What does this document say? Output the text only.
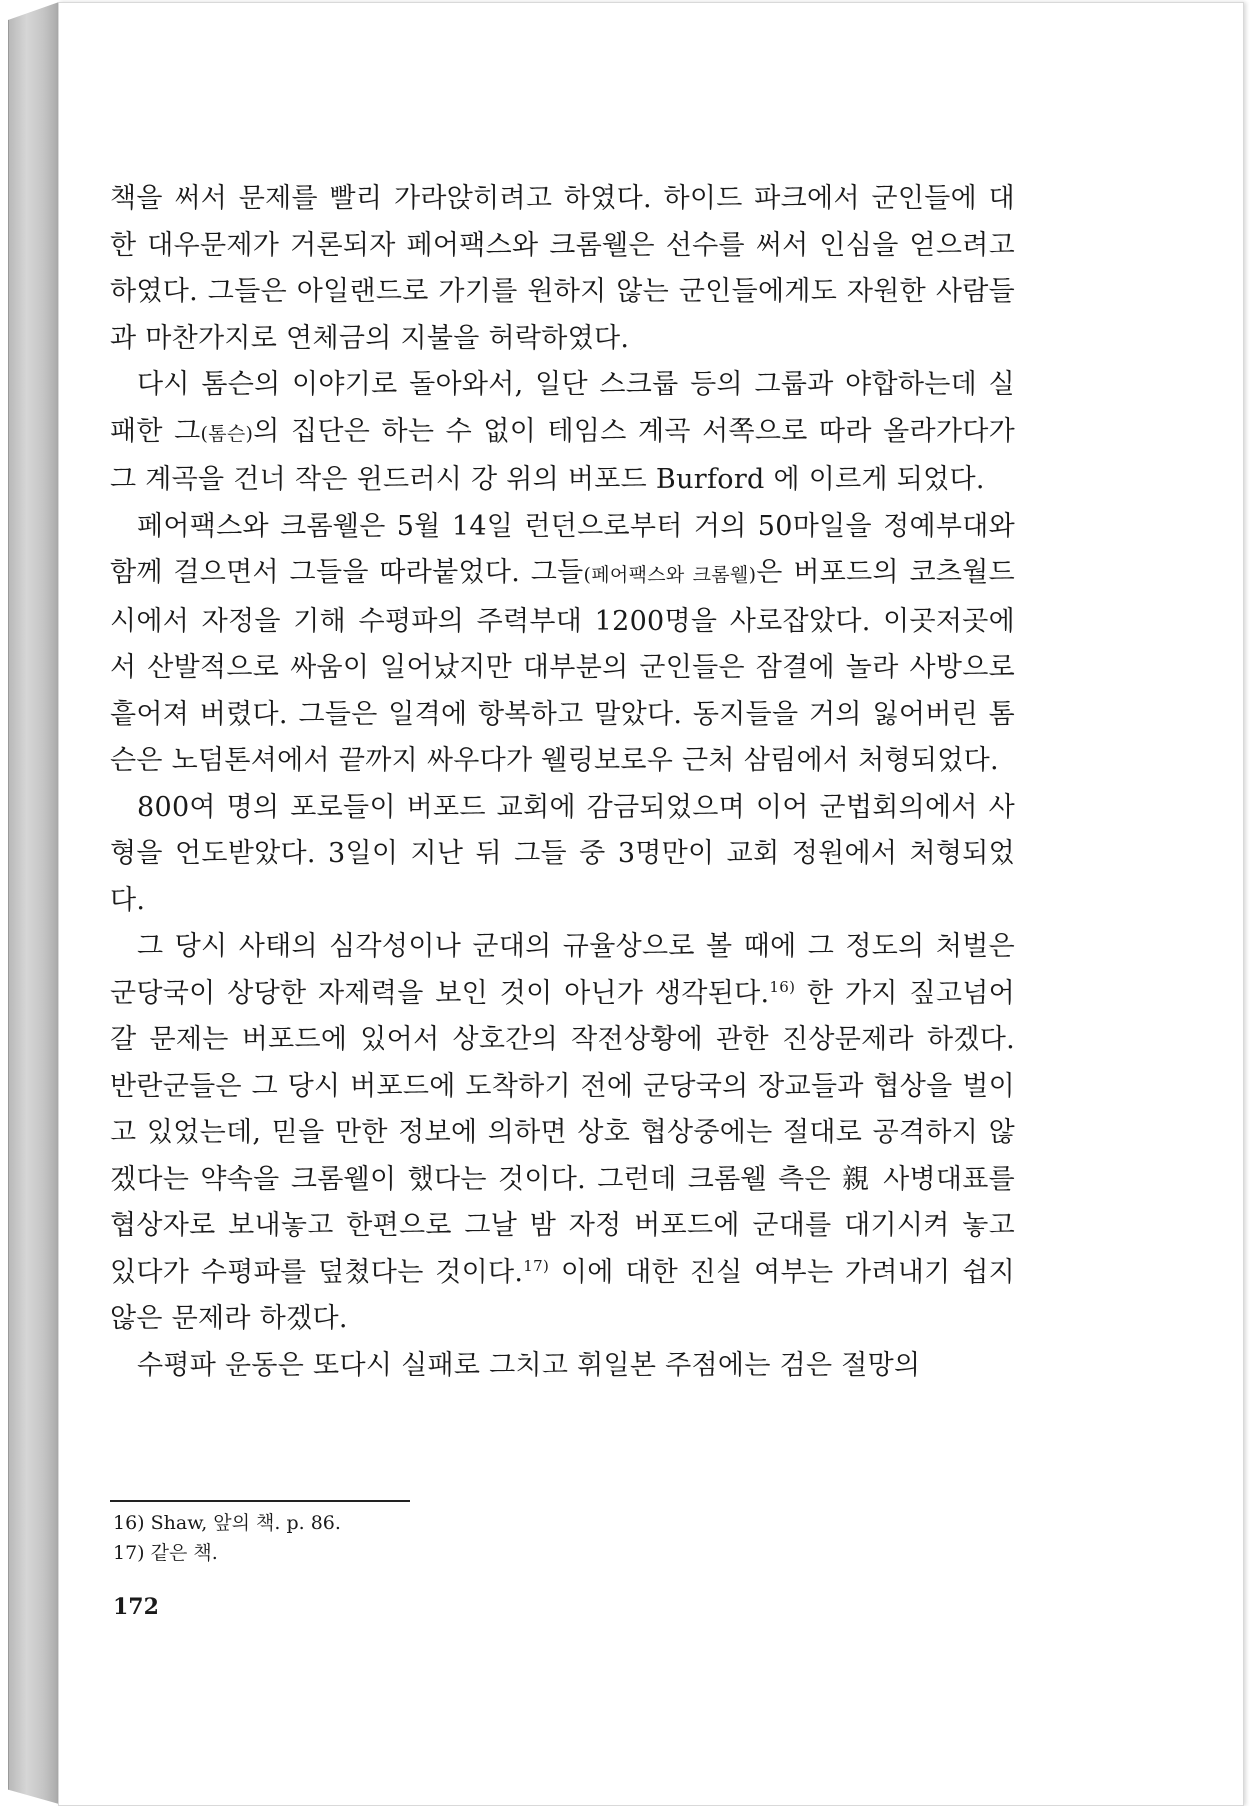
책을 써서 문제를 빨리 가라앉히려고 하였다. 하이드 파크에서 군인들에 대한 대우문제가 거론되자 페어팩스와 크롬웰은 선수를 써서 인심을 얻으려고 하였다. 그들은 아일랜드로 가기를 원하지 않는 군인들에게도 자원한 사람들과 마찬가지로 연체금의 지불을 허락하였다.

다시 톰슨의 이야기로 돌아와서, 일단 스크룹 등의 그룹과 야합하는데 실패한 그(톰슨)의 집단은 하는 수 없이 테임스 계곡 서쪽으로 따라 올라가다가 그 계곡을 건너 작은 윈드러시 강 위의 버포드 Burford 에 이르게 되었다.

페어팩스와 크롬웰은 5월 14일 런던으로부터 거의 50마일을 정예부대와 함께 걸으면서 그들을 따라붙었다. 그들(페어팩스와 크롬웰)은 버포드의 코츠월드 시에서 자정을 기해 수평파의 주력부대 1200명을 사로잡았다. 이곳저곳에서 산발적으로 싸움이 일어났지만 대부분의 군인들은 잠결에 놀라 사방으로 흩어져 버렸다. 그들은 일격에 항복하고 말았다. 동지들을 거의 잃어버린 톰슨은 노덤톤셔에서 끝까지 싸우다가 웰링보로우 근처 삼림에서 처형되었다.

800여 명의 포로들이 버포드 교회에 감금되었으며 이어 군법회의에서 사형을 언도받았다. 3일이 지난 뒤 그들 중 3명만이 교회 정원에서 처형되었다.

그 당시 사태의 심각성이나 군대의 규율상으로 볼 때에 그 정도의 처벌은 군당국이 상당한 자제력을 보인 것이 아닌가 생각된다.$^{16)}$ 한 가지 짚고넘어갈 문제는 버포드에 있어서 상호간의 작전상황에 관한 진상문제라 하겠다. 반란군들은 그 당시 버포드에 도착하기 전에 군당국의 장교들과 협상을 벌이고 있었는데, 믿을 만한 정보에 의하면 상호 협상중에는 절대로 공격하지 않겠다는 약속을 크롬웰이 했다는 것이다. 그런데 크롬웰 측은 親 사병대표를 협상자로 보내놓고 한편으로 그날 밤 자정 버포드에 군대를 대기시켜 놓고 있다가 수평파를 덮쳤다는 것이다.$^{17)}$ 이에 대한 진실 여부는 가려내기 쉽지 않은 문제라 하겠다.

수평파 운동은 또다시 실패로 그치고 휘일본 주점에는 검은 절망의

16) Shaw, 앞의 책. p. 86.
17) 같은 책.
172
